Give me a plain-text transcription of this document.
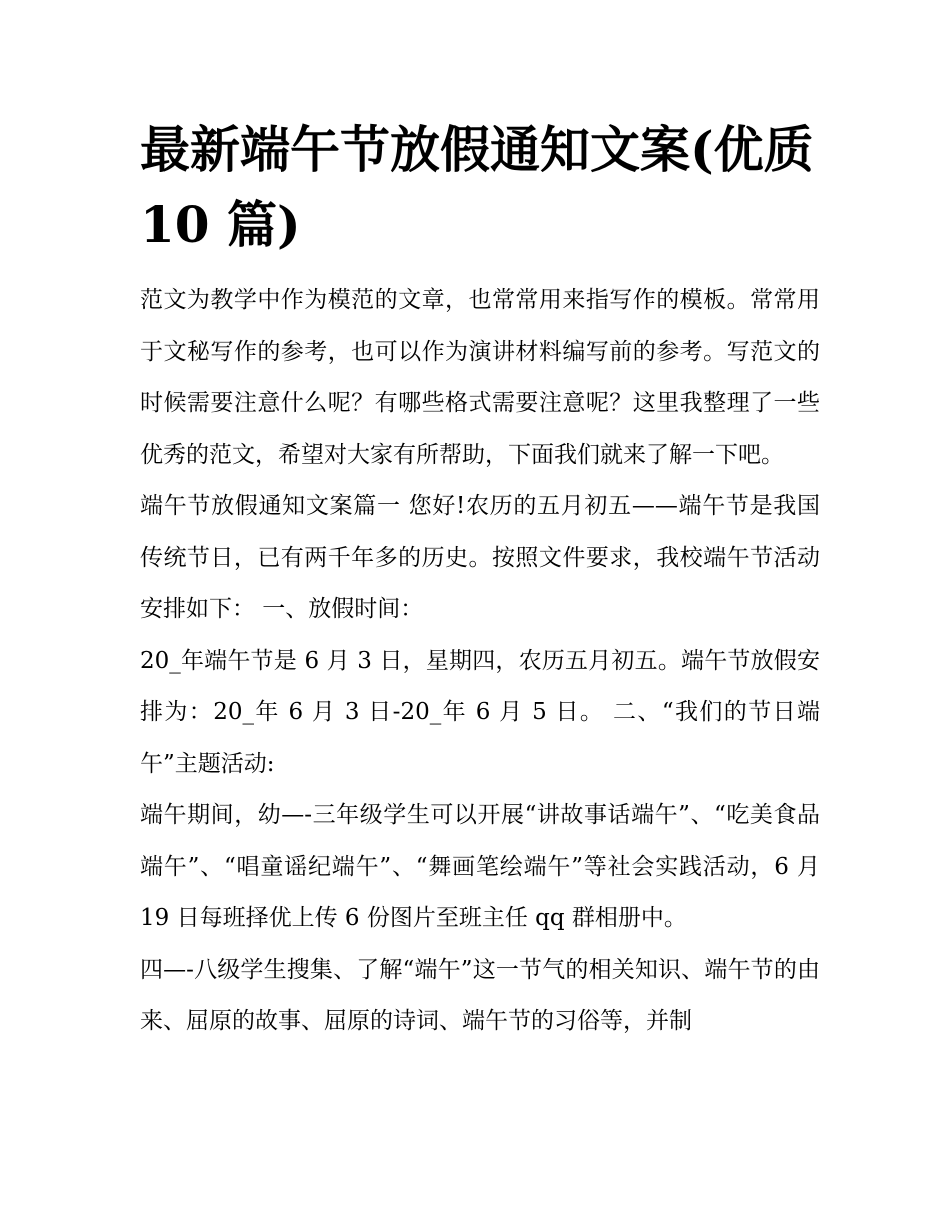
最新端午节放假通知文案(优质 10 篇)

范文为教学中作为模范的文章，也常常用来指写作的模板。常常用于文秘写作的参考，也可以作为演讲材料编写前的参考。写范文的时候需要注意什么呢？有哪些格式需要注意呢？这里我整理了一些优秀的范文，希望对大家有所帮助，下面我们就来了解一下吧。

端午节放假通知文案篇一 您好!农历的五月初五——端午节是我国传统节日，已有两千年多的历史。按照文件要求，我校端午节活动安排如下： 一、放假时间：

20_年端午节是 6 月 3 日，星期四，农历五月初五。端午节放假安排为：20_年 6 月 3 日-20_年 6 月 5 日。 二、“我们的节日端午”主题活动:

端午期间，幼—-三年级学生可以开展“讲故事话端午”、“吃美食品端午”、“唱童谣纪端午”、“舞画笔绘端午”等社会实践活动，6 月 19 日每班择优上传 6 份图片至班主任 qq 群相册中。

四—-八级学生搜集、了解“端午”这一节气的相关知识、端午节的由来、屈原的故事、屈原的诗词、端午节的习俗等，并制
